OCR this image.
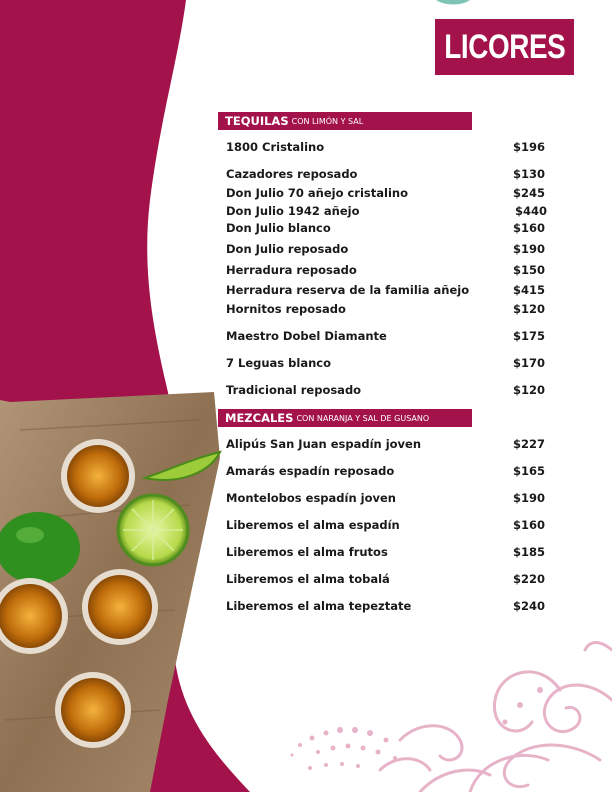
LICORES
TEQUILAS CON LIMÓN Y SAL
1800 Cristalino	$196
Cazadores reposado	$130
Don Julio 70 añejo cristalino	$245
Don Julio 1942 añejo	$440
Don Julio blanco	$160
Don Julio reposado	$190
Herradura reposado	$150
Herradura reserva de la familia añejo	$415
Hornitos reposado	$120
Maestro Dobel Diamante	$175
7 Leguas blanco	$170
Tradicional reposado	$120
MEZCALES CON NARANJA Y SAL DE GUSANO
Alipús San Juan espadín joven	$227
Amarás espadín reposado	$165
Montelobos espadín joven	$190
Liberemos el alma espadín	$160
Liberemos el alma frutos	$185
Liberemos el alma tobalá	$220
Liberemos el alma tepeztate	$240
